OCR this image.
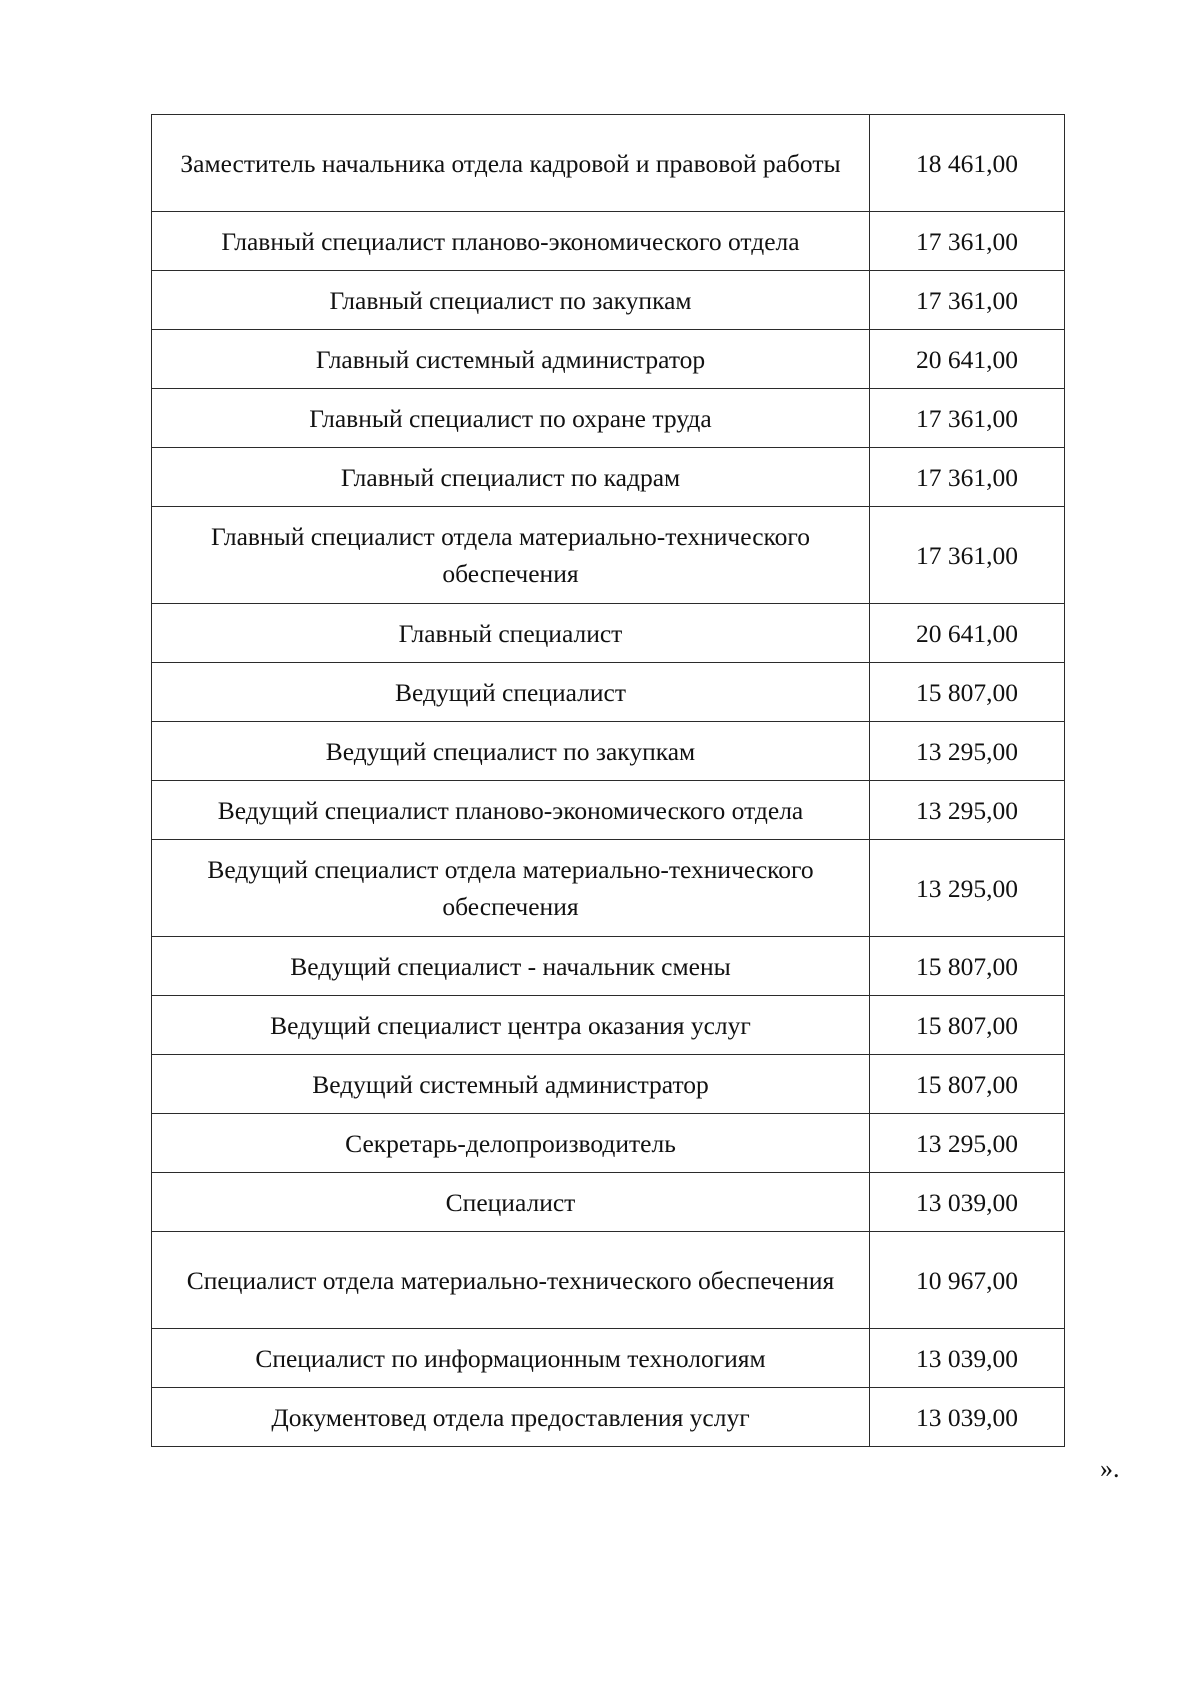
Заместитель начальника отдела кадровой и правовой работы	18 461,00
Главный специалист планово-экономического отдела	17 361,00
Главный специалист по закупкам	17 361,00
Главный системный администратор	20 641,00
Главный специалист по охране труда	17 361,00
Главный специалист по кадрам	17 361,00
Главный специалист отдела материально-технического обеспечения	17 361,00
Главный специалист	20 641,00
Ведущий специалист	15 807,00
Ведущий специалист по закупкам	13 295,00
Ведущий специалист планово-экономического отдела	13 295,00
Ведущий специалист отдела материально-технического обеспечения	13 295,00
Ведущий специалист - начальник смены	15 807,00
Ведущий специалист центра оказания услуг	15 807,00
Ведущий системный администратор	15 807,00
Секретарь-делопроизводитель	13 295,00
Специалист	13 039,00
Специалист отдела материально-технического обеспечения	10 967,00
Специалист по информационным технологиям	13 039,00
Документовед отдела предоставления услуг	13 039,00
».
